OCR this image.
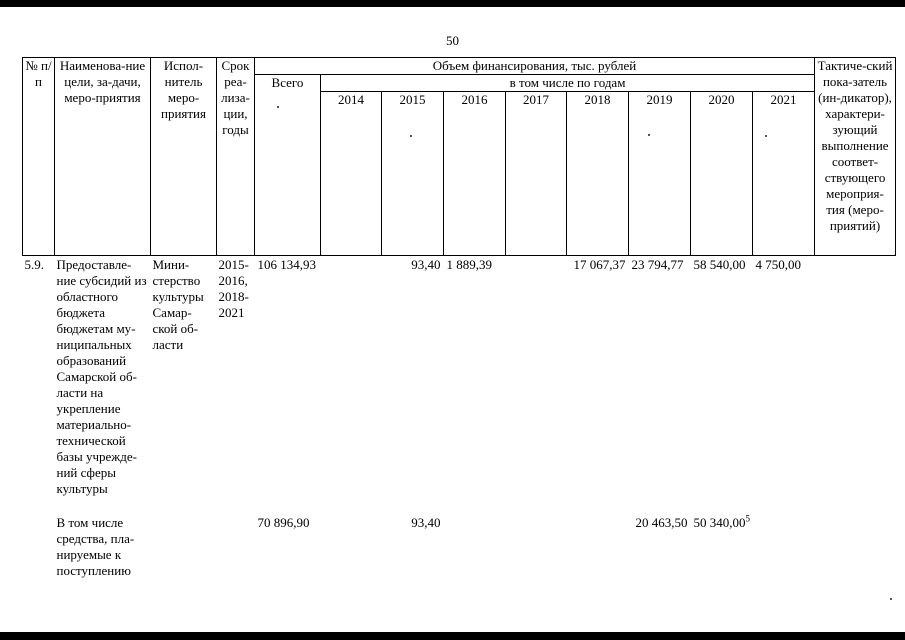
50
№ п/п	Наименова-ние цели, за-дачи, меро-приятия	Испол-нитель меро-приятия	Срок реа-лиза-ции, годы	Объем финансирования, тыс. рублей									Тактиче-ский пока-затель (ин-дикатор), характери-зующий выполнение соответ-ствующего мероприя-тия (меро-приятий)
				Всего	в том числе по годам								
					2014	2015	2016	2017	2018	2019	2020	2021	
5.9.	Предоставле-ние субсидий из областного бюджета бюджетам му-ниципальных образований Самарской об-ласти на укрепление материально-технической базы учрежде-ний сферы культуры	Мини-стерство культуры Самар-ской об-ласти	2015-2016, 2018-2021	106 134,93		93,40	1 889,39		17 067,37	23 794,77	58 540,00	4 750,00	

	В том числе средства, пла-нируемые к поступлению			70 896,90		93,40				20 463,50	50 340,00$^5$		
